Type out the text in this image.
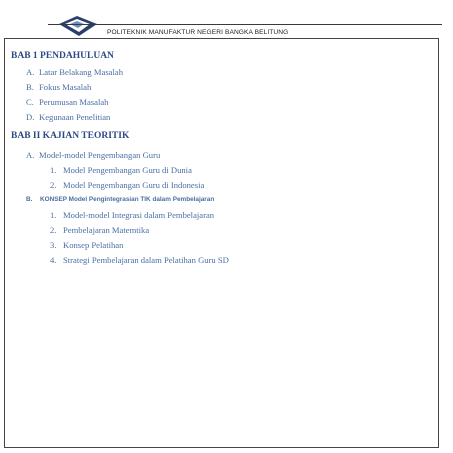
POLITEKNIK MANUFAKTUR NEGERI BANGKA BELITUNG
BAB 1 PENDAHULUAN
A. Latar Belakang Masalah
B. Fokus Masalah
C. Perumusan Masalah
D. Kegunaan Penelitian
BAB II KAJIAN TEORITIK
A. Model-model Pengembangan Guru
1. Model Pengembangan Guru di Dunia
2. Model Pengembangan Guru di Indonesia
B. KONSEP Model Pengintegrasian TIK dalam Pembelajaran
1. Model-model Integrasi dalam Pembelajaran
2. Pembelajaran Matemtika
3. Konsep Pelatihan
4. Strategi Pembelajaran dalam Pelatihan Guru SD
